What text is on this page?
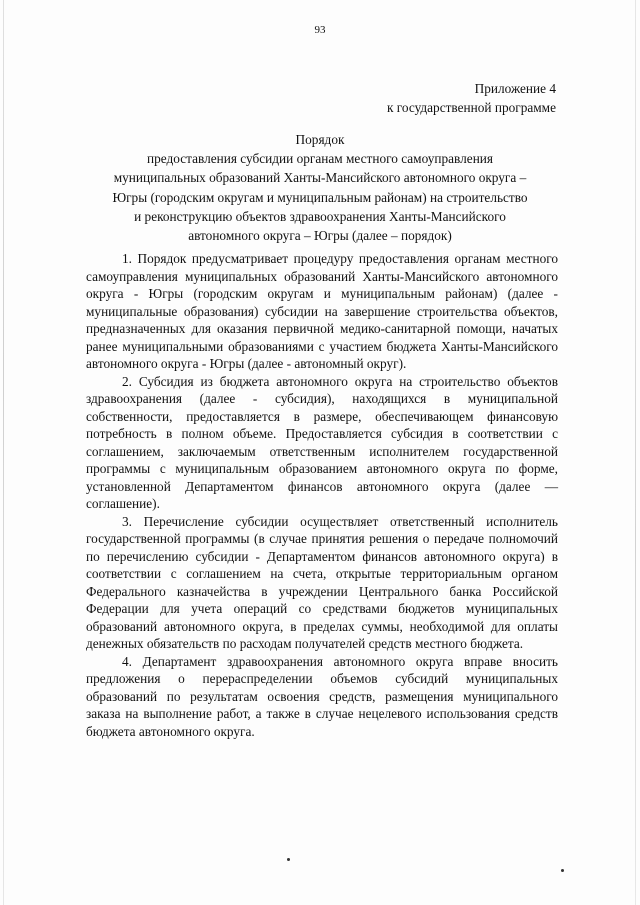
93
Приложение 4
к государственной программе
Порядок
предоставления субсидии органам местного самоуправления
муниципальных образований Ханты-Мансийского автономного округа –
Югры (городским округам и муниципальным районам) на строительство
и реконструкцию объектов здравоохранения Ханты-Мансийского
автономного округа – Югры (далее – порядок)

1. Порядок предусматривает процедуру предоставления органам местного самоуправления муниципальных образований Ханты-Мансийского автономного округа - Югры (городским округам и муниципальным районам) (далее - муниципальные образования) субсидии на завершение строительства объектов, предназначенных для оказания первичной медико-санитарной помощи, начатых ранее муниципальными образованиями с участием бюджета Ханты-Мансийского автономного округа - Югры (далее - автономный округ).

2. Субсидия из бюджета автономного округа на строительство объектов здравоохранения (далее - субсидия), находящихся в муниципальной собственности, предоставляется в размере, обеспечивающем финансовую потребность в полном объеме. Предоставляется субсидия в соответствии с соглашением, заключаемым ответственным исполнителем государственной программы с муниципальным образованием автономного округа по форме, установленной Департаментом финансов автономного округа (далее — соглашение).

3. Перечисление субсидии осуществляет ответственный исполнитель государственной программы (в случае принятия решения о передаче полномочий по перечислению субсидии - Департаментом финансов автономного округа) в соответствии с соглашением на счета, открытые территориальным органом Федерального казначейства в учреждении Центрального банка Российской Федерации для учета операций со средствами бюджетов муниципальных образований автономного округа, в пределах суммы, необходимой для оплаты денежных обязательств по расходам получателей средств местного бюджета.

4. Департамент здравоохранения автономного округа вправе вносить предложения о перераспределении объемов субсидий муниципальных образований по результатам освоения средств, размещения муниципального заказа на выполнение работ, а также в случае нецелевого использования средств бюджета автономного округа.
